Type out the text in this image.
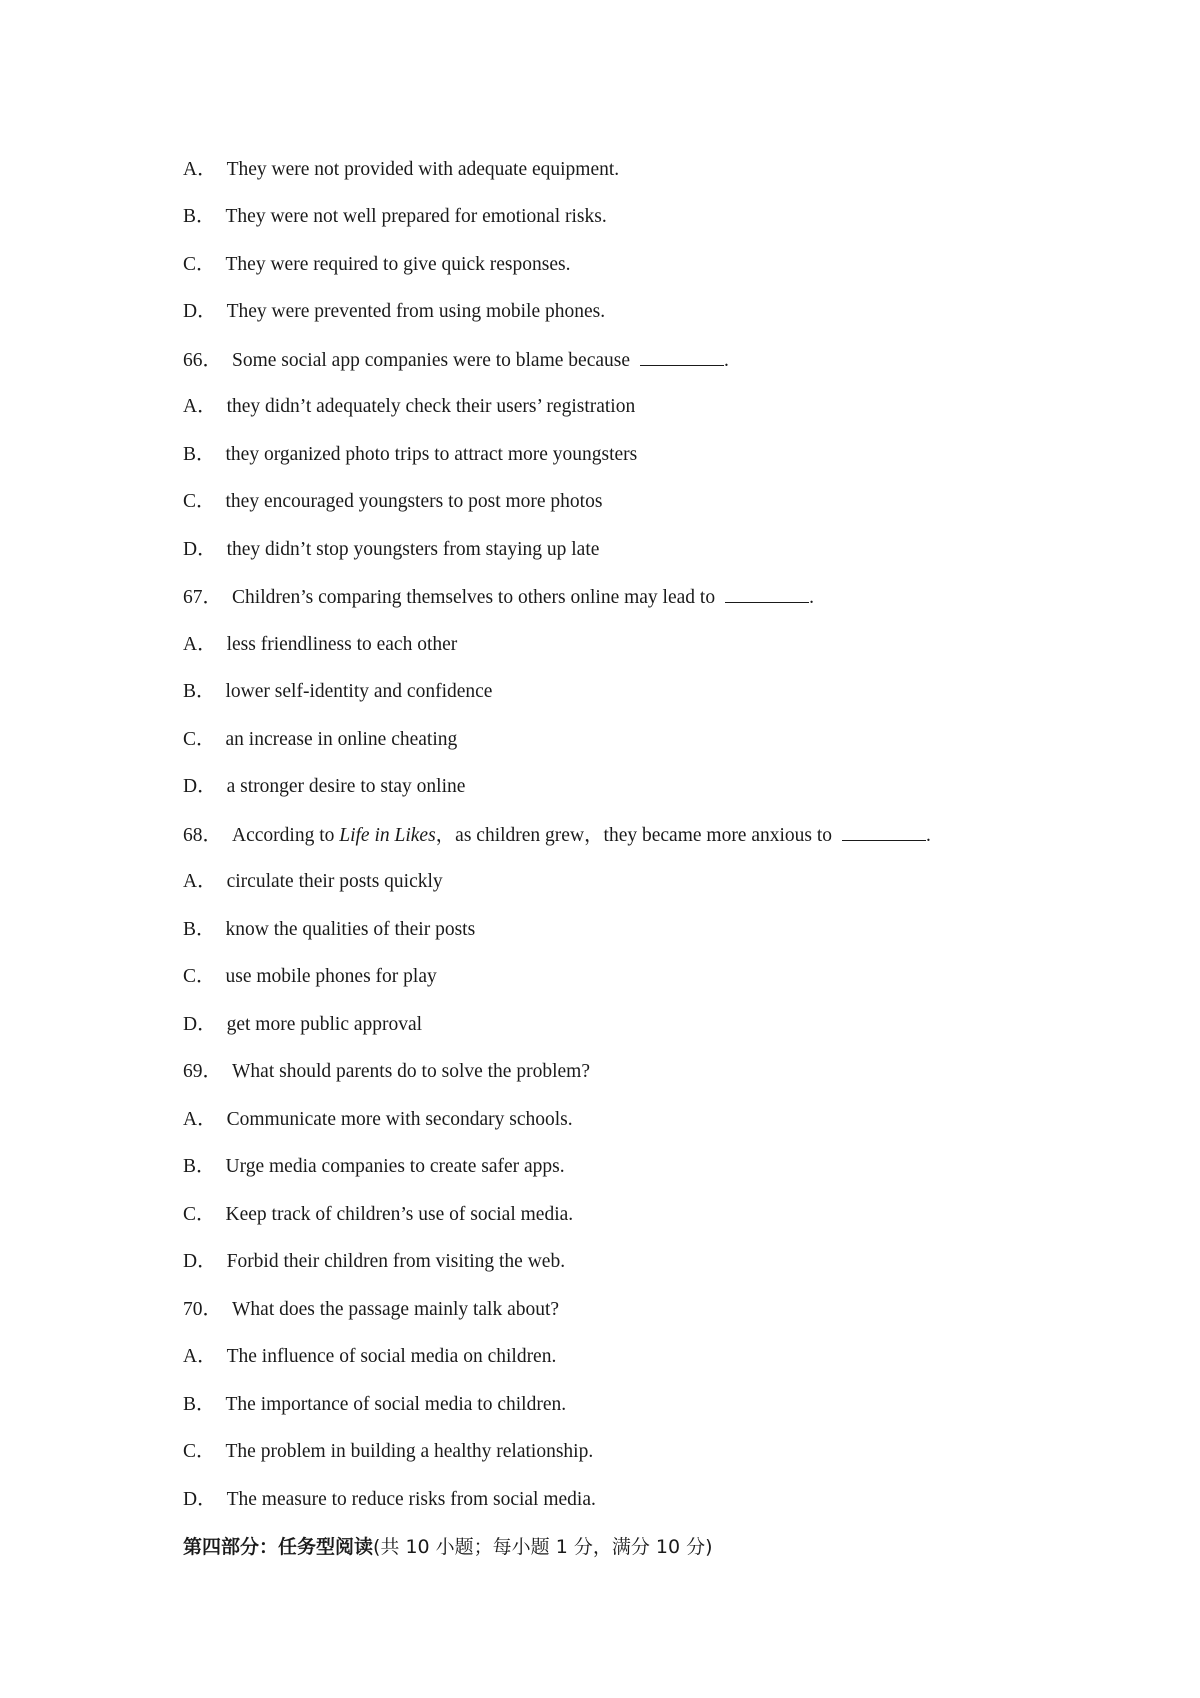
A． They were not provided with adequate equipment.
B． They were not well prepared for emotional risks.
C． They were required to give quick responses.
D． They were prevented from using mobile phones.
66． Some social app companies were to blame because	.
A． they didn’t adequately check their users’ registration
B． they organized photo trips to attract more youngsters
C． they encouraged youngsters to post more photos
D． they didn’t stop youngsters from staying up late
67． Children’s comparing themselves to others online may lead to	.
A． less friendliness to each other
B． lower self-identity and confidence
C． an increase in online cheating
D． a stronger desire to stay online
68． According to Life in Likes，as children grew，they became more anxious to	.
A． circulate their posts quickly
B． know the qualities of their posts
C． use mobile phones for play
D． get more public approval
69． What should parents do to solve the problem?
A． Communicate more with secondary schools.
B． Urge media companies to create safer apps.
C． Keep track of children’s use of social media.
D． Forbid their children from visiting the web.
70． What does the passage mainly talk about?
A． The influence of social media on children.
B． The importance of social media to children.
C． The problem in building a healthy relationship.
D． The measure to reduce risks from social media.
第四部分：任务型阅读(共 10 小题；每小题 1 分，满分 10 分)
